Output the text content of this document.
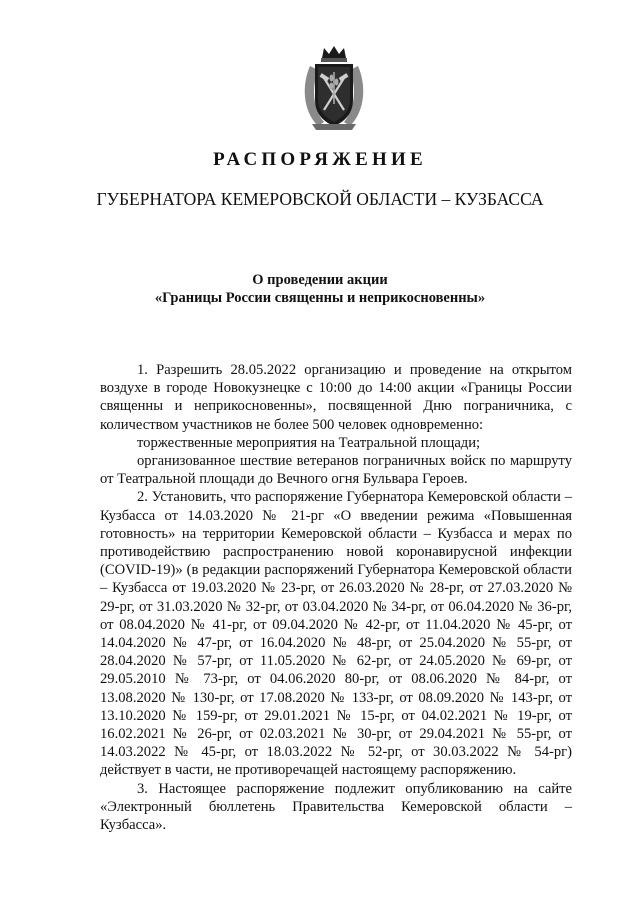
РАСПОРЯЖЕНИЕ
ГУБЕРНАТОРА КЕМЕРОВСКОЙ ОБЛАСТИ – КУЗБАССА
О проведении акции
«Границы России священны и неприкосновенны»

1. Разрешить 28.05.2022 организацию и проведение на открытом воздухе в городе Новокузнецке с 10:00 до 14:00 акции «Границы России священны и неприкосновенны», посвященной Дню пограничника, с количеством участников не более 500 человек одновременно:

торжественные мероприятия на Театральной площади;

организованное шествие ветеранов пограничных войск по маршруту от Театральной площади до Вечного огня Бульвара Героев.

2. Установить, что распоряжение Губернатора Кемеровской области – Кузбасса от 14.03.2020 № 21-рг «О введении режима «Повышенная готовность» на территории Кемеровской области – Кузбасса и мерах по противодействию распространению новой коронавирусной инфекции (COVID-19)» (в редакции распоряжений Губернатора Кемеровской области – Кузбасса от 19.03.2020 № 23-рг, от 26.03.2020 № 28-рг, от 27.03.2020 № 29-рг, от 31.03.2020 № 32-рг, от 03.04.2020 № 34-рг, от 06.04.2020 № 36-рг, от 08.04.2020 № 41-рг, от 09.04.2020 № 42-рг, от 11.04.2020 № 45-рг, от 14.04.2020 № 47-рг, от 16.04.2020 № 48-рг, от 25.04.2020 № 55-рг, от 28.04.2020 № 57-рг, от 11.05.2020 № 62-рг, от 24.05.2020 № 69-рг, от 29.05.2010 № 73-рг, от 04.06.2020 80-рг, от 08.06.2020 № 84-рг, от 13.08.2020 № 130-рг, от 17.08.2020 № 133-рг, от 08.09.2020 № 143-рг, от 13.10.2020 № 159-рг, от 29.01.2021 № 15-рг, от 04.02.2021 № 19-рг, от 16.02.2021 № 26-рг, от 02.03.2021 № 30-рг, от 29.04.2021 № 55-рг, от 14.03.2022 № 45-рг, от 18.03.2022 № 52-рг, от 30.03.2022 № 54-рг) действует в части, не противоречащей настоящему распоряжению.

3. Настоящее распоряжение подлежит опубликованию на сайте «Электронный бюллетень Правительства Кемеровской области – Кузбасса».
